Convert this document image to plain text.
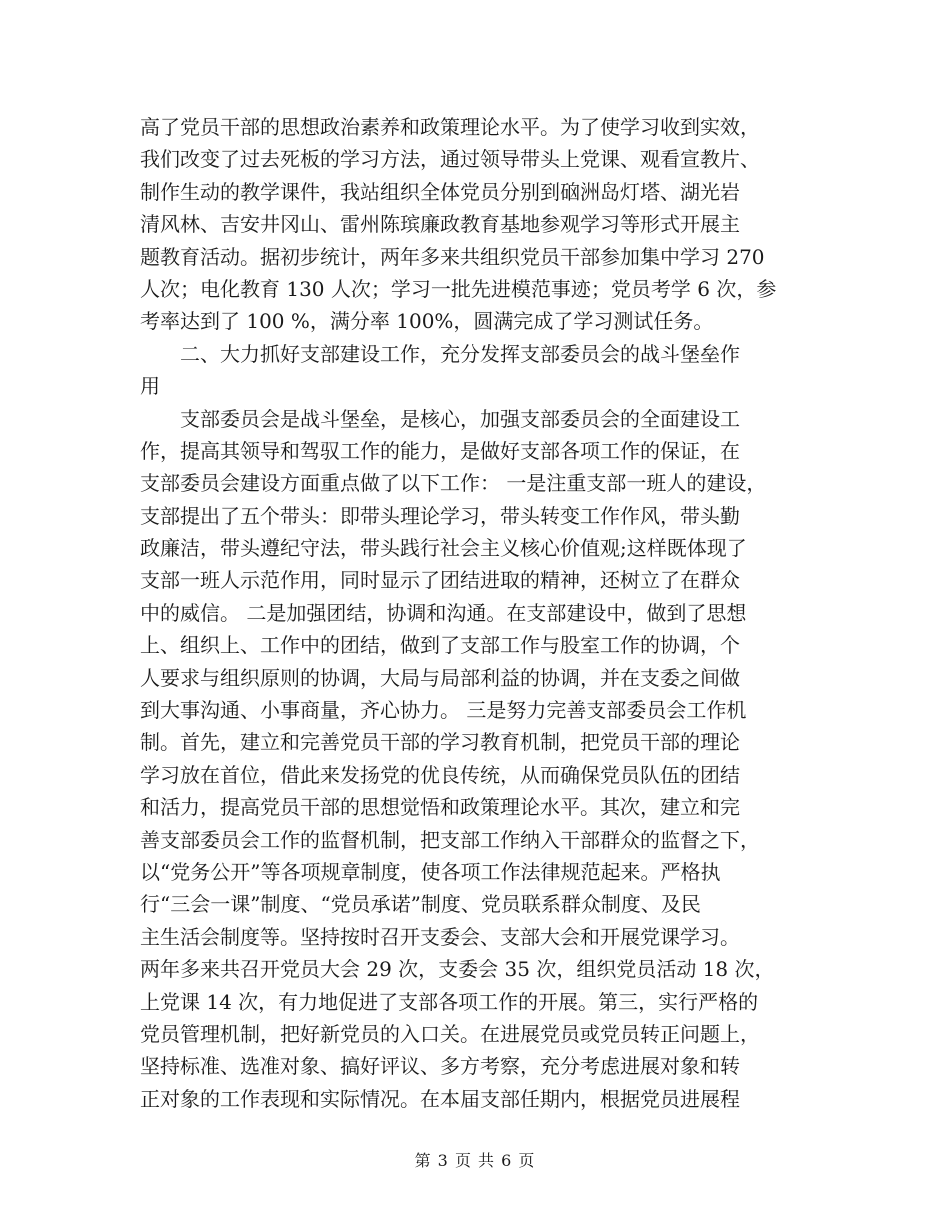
高了党员干部的思想政治素养和政策理论水平。为了使学习收到实效，
我们改变了过去死板的学习方法，通过领导带头上党课、观看宣教片、
制作生动的教学课件，我站组织全体党员分别到硇洲岛灯塔、湖光岩
清风林、吉安井冈山、雷州陈瑸廉政教育基地参观学习等形式开展主
题教育活动。据初步统计，两年多来共组织党员干部参加集中学习 270
人次；电化教育 130 人次；学习一批先进模范事迹；党员考学 6 次，参
考率达到了 100 %，满分率 100%，圆满完成了学习测试任务。
二、大力抓好支部建设工作，充分发挥支部委员会的战斗堡垒作
用
支部委员会是战斗堡垒，是核心，加强支部委员会的全面建设工
作，提高其领导和驾驭工作的能力，是做好支部各项工作的保证，在
支部委员会建设方面重点做了以下工作： 一是注重支部一班人的建设，
支部提出了五个带头：即带头理论学习，带头转变工作作风，带头勤
政廉洁，带头遵纪守法，带头践行社会主义核心价值观;这样既体现了
支部一班人示范作用，同时显示了团结进取的精神，还树立了在群众
中的威信。 二是加强团结，协调和沟通。在支部建设中，做到了思想
上、组织上、工作中的团结，做到了支部工作与股室工作的协调，个
人要求与组织原则的协调，大局与局部利益的协调，并在支委之间做
到大事沟通、小事商量，齐心协力。 三是努力完善支部委员会工作机
制。首先，建立和完善党员干部的学习教育机制，把党员干部的理论
学习放在首位，借此来发扬党的优良传统，从而确保党员队伍的团结
和活力，提高党员干部的思想觉悟和政策理论水平。其次，建立和完
善支部委员会工作的监督机制，把支部工作纳入干部群众的监督之下，
以“党务公开”等各项规章制度，使各项工作法律规范起来。严格执
行“三会一课”制度、“党员承诺”制度、党员联系群众制度、及民
主生活会制度等。坚持按时召开支委会、支部大会和开展党课学习。
两年多来共召开党员大会 29 次，支委会 35 次，组织党员活动 18 次，
上党课 14 次，有力地促进了支部各项工作的开展。第三，实行严格的
党员管理机制，把好新党员的入口关。在进展党员或党员转正问题上，
坚持标准、选准对象、搞好评议、多方考察，充分考虑进展对象和转
正对象的工作表现和实际情况。在本届支部任期内，根据党员进展程
第 3 页 共 6 页
